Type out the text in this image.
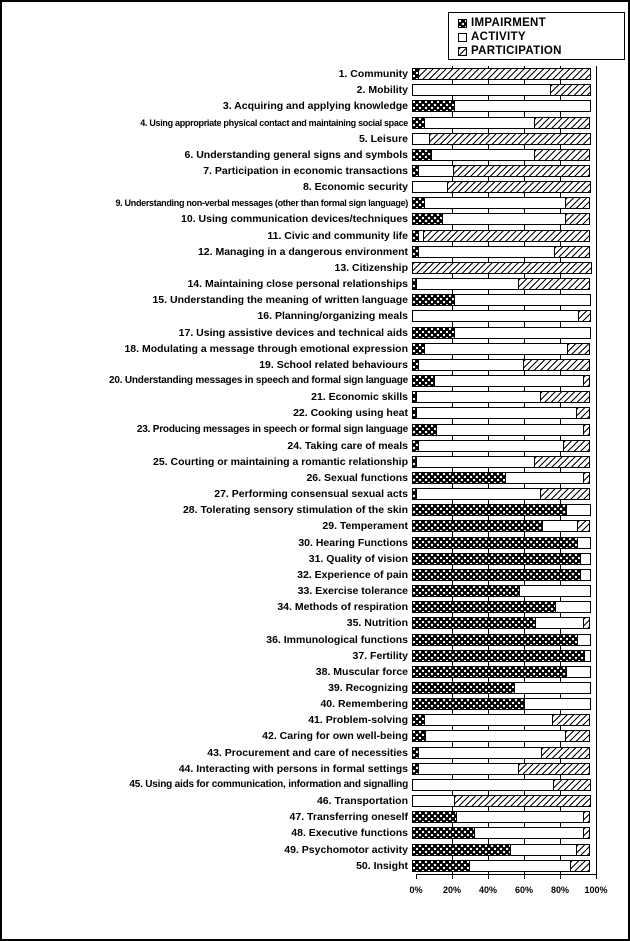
IMPAIRMENT
ACTIVITY
PARTICIPATION
1. Community
2. Mobility
3. Acquiring and applying knowledge
4. Using appropriate physical contact and maintaining social space
5. Leisure
6. Understanding general signs and symbols
7. Participation in economic transactions
8. Economic security
9. Understanding non-verbal messages (other than formal sign language)
10. Using communication devices/techniques
11. Civic and community life
12. Managing in a dangerous environment
13. Citizenship
14. Maintaining close personal relationships
15. Understanding the meaning of written language
16. Planning/organizing meals
17. Using assistive devices and technical aids
18. Modulating a message through emotional expression
19. School related behaviours
20. Understanding messages in speech and formal sign language
21. Economic skills
22. Cooking using heat
23. Producing messages in speech or formal sign language
24. Taking care of meals
25. Courting or maintaining a romantic relationship
26. Sexual functions
27. Performing consensual sexual acts
28. Tolerating sensory stimulation of the skin
29. Temperament
30. Hearing Functions
31. Quality of vision
32. Experience of pain
33. Exercise tolerance
34. Methods of respiration
35. Nutrition
36. Immunological functions
37. Fertility
38. Muscular force
39. Recognizing
40. Remembering
41. Problem-solving
42. Caring for own well-being
43. Procurement and care of necessities
44. Interacting with persons in formal settings
45. Using aids for communication, information and signalling
46. Transportation
47. Transferring oneself
48. Executive functions
49. Psychomotor activity
50. Insight
0% 20% 40% 60% 80% 100%
